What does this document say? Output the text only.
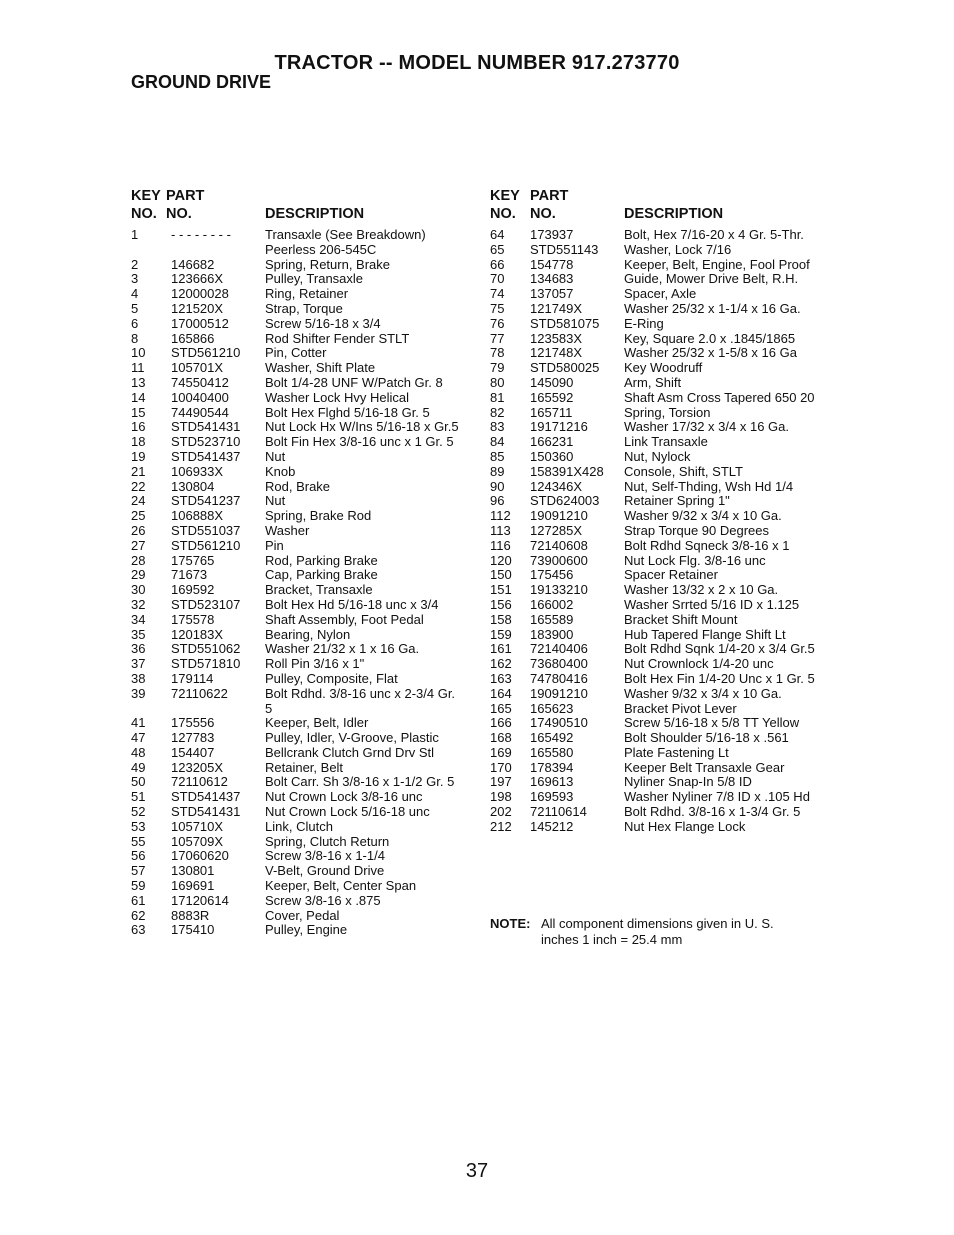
TRACTOR -- MODEL NUMBER 917.273770
GROUND DRIVE
KEY
NO.
PART
NO.	DESCRIPTION
KEY
NO.
PART
NO.	DESCRIPTION
1	- - - - - - - -	Transaxle (See Breakdown)
Peerless 206-545C
2	146682	Spring, Return, Brake
3	123666X	Pulley, Transaxle
4	12000028	Ring, Retainer
5	121520X	Strap, Torque
6	17000512	Screw 5/16-18 x 3/4
8	165866	Rod Shifter Fender STLT
10 STD561210 Pin, Cotter
11 105701X	Washer, Shift Plate
13 74550412	Bolt 1/4-28 UNF W/Patch Gr. 8
14 10040400	Washer Lock Hvy Helical
15 74490544	Bolt Hex Flghd 5/16-18 Gr. 5
16 STD541431 Nut Lock Hx W/Ins 5/16-18 x Gr.5
18 STD523710 Bolt Fin Hex 3/8-16 unc x 1 Gr. 5
19 STD541437 Nut
21 106933X	Knob
22 130804	Rod, Brake
24 STD541237 Nut
25 106888X	Spring, Brake Rod
26 STD551037 Washer
27 STD561210 Pin
28 175765	Rod, Parking Brake
29 71673	Cap, Parking Brake
30 169592	Bracket, Transaxle
32 STD523107 Bolt Hex Hd 5/16-18 unc x 3/4
34 175578	Shaft Assembly, Foot Pedal
35 120183X	Bearing, Nylon
36 STD551062 Washer 21/32 x 1 x 16 Ga.
37 STD571810 Roll Pin 3/16 x 1"
38 179114	Pulley, Composite, Flat
39 72110622	Bolt Rdhd. 3/8-16 unc x 2-3/4 Gr.
5
41 175556	Keeper, Belt, Idler
47 127783	Pulley, Idler, V-Groove, Plastic
48 154407	Bellcrank Clutch Grnd Drv Stl
49 123205X	Retainer, Belt
50 72110612	Bolt Carr. Sh 3/8-16 x 1-1/2 Gr. 5
51 STD541437 Nut Crown Lock 3/8-16 unc
52 STD541431 Nut Crown Lock 5/16-18 unc
53 105710X	Link, Clutch
55 105709X	Spring, Clutch Return
56 17060620	Screw 3/8-16 x 1-1/4
57 130801	V-Belt, Ground Drive
59 169691	Keeper, Belt, Center Span
61 17120614	Screw 3/8-16 x .875
62 8883R	Cover, Pedal
63 175410	Pulley, Engine
64 173937	Bolt, Hex 7/16-20 x 4 Gr. 5-Thr.
65 STD551143 Washer, Lock 7/16
66 154778	Keeper, Belt, Engine, Fool Proof
70 134683	Guide, Mower Drive Belt, R.H.
74 137057	Spacer, Axle
75 121749X	Washer 25/32 x 1-1/4 x 16 Ga.
76 STD581075 E-Ring
77 123583X	Key, Square 2.0 x .1845/1865
78 121748X	Washer 25/32 x 1-5/8 x 16 Ga
79 STD580025 Key Woodruff
80 145090	Arm, Shift
81 165592	Shaft Asm Cross Tapered 650 20
82 165711	Spring, Torsion
83 19171216	Washer 17/32 x 3/4 x 16 Ga.
84 166231	Link Transaxle
85 150360	Nut, Nylock
89 158391X428 Console, Shift, STLT
90 124346X	Nut, Self-Thding, Wsh Hd 1/4
96 STD624003 Retainer Spring 1"
112 19091210	Washer 9/32 x 3/4 x 10 Ga.
113 127285X	Strap Torque 90 Degrees
116 72140608	Bolt Rdhd Sqneck 3/8-16 x 1
120 73900600	Nut Lock Flg. 3/8-16 unc
150 175456	Spacer Retainer
151 19133210	Washer 13/32 x 2 x 10 Ga.
156 166002	Washer Srrted 5/16 ID x 1.125
158 165589	Bracket Shift Mount
159 183900	Hub Tapered Flange Shift Lt
161 72140406	Bolt Rdhd Sqnk 1/4-20 x 3/4 Gr.5
162 73680400	Nut Crownlock 1/4-20 unc
163 74780416	Bolt Hex Fin 1/4-20 Unc x 1 Gr. 5
164 19091210	Washer 9/32 x 3/4 x 10 Ga.
165 165623	Bracket Pivot Lever
166 17490510	Screw 5/16-18 x 5/8 TT Yellow
168 165492	Bolt Shoulder 5/16-18 x .561
169 165580	Plate Fastening Lt
170 178394	Keeper Belt Transaxle Gear
197 169613	Nyliner Snap-In 5/8 ID
198 169593	Washer Nyliner 7/8 ID x .105 Hd
202 72110614	Bolt Rdhd. 3/8-16 x 1-3/4 Gr. 5
212 145212	Nut Hex Flange Lock
NOTE: All component dimensions given in U. S.
inches 1 inch = 25.4 mm
37
